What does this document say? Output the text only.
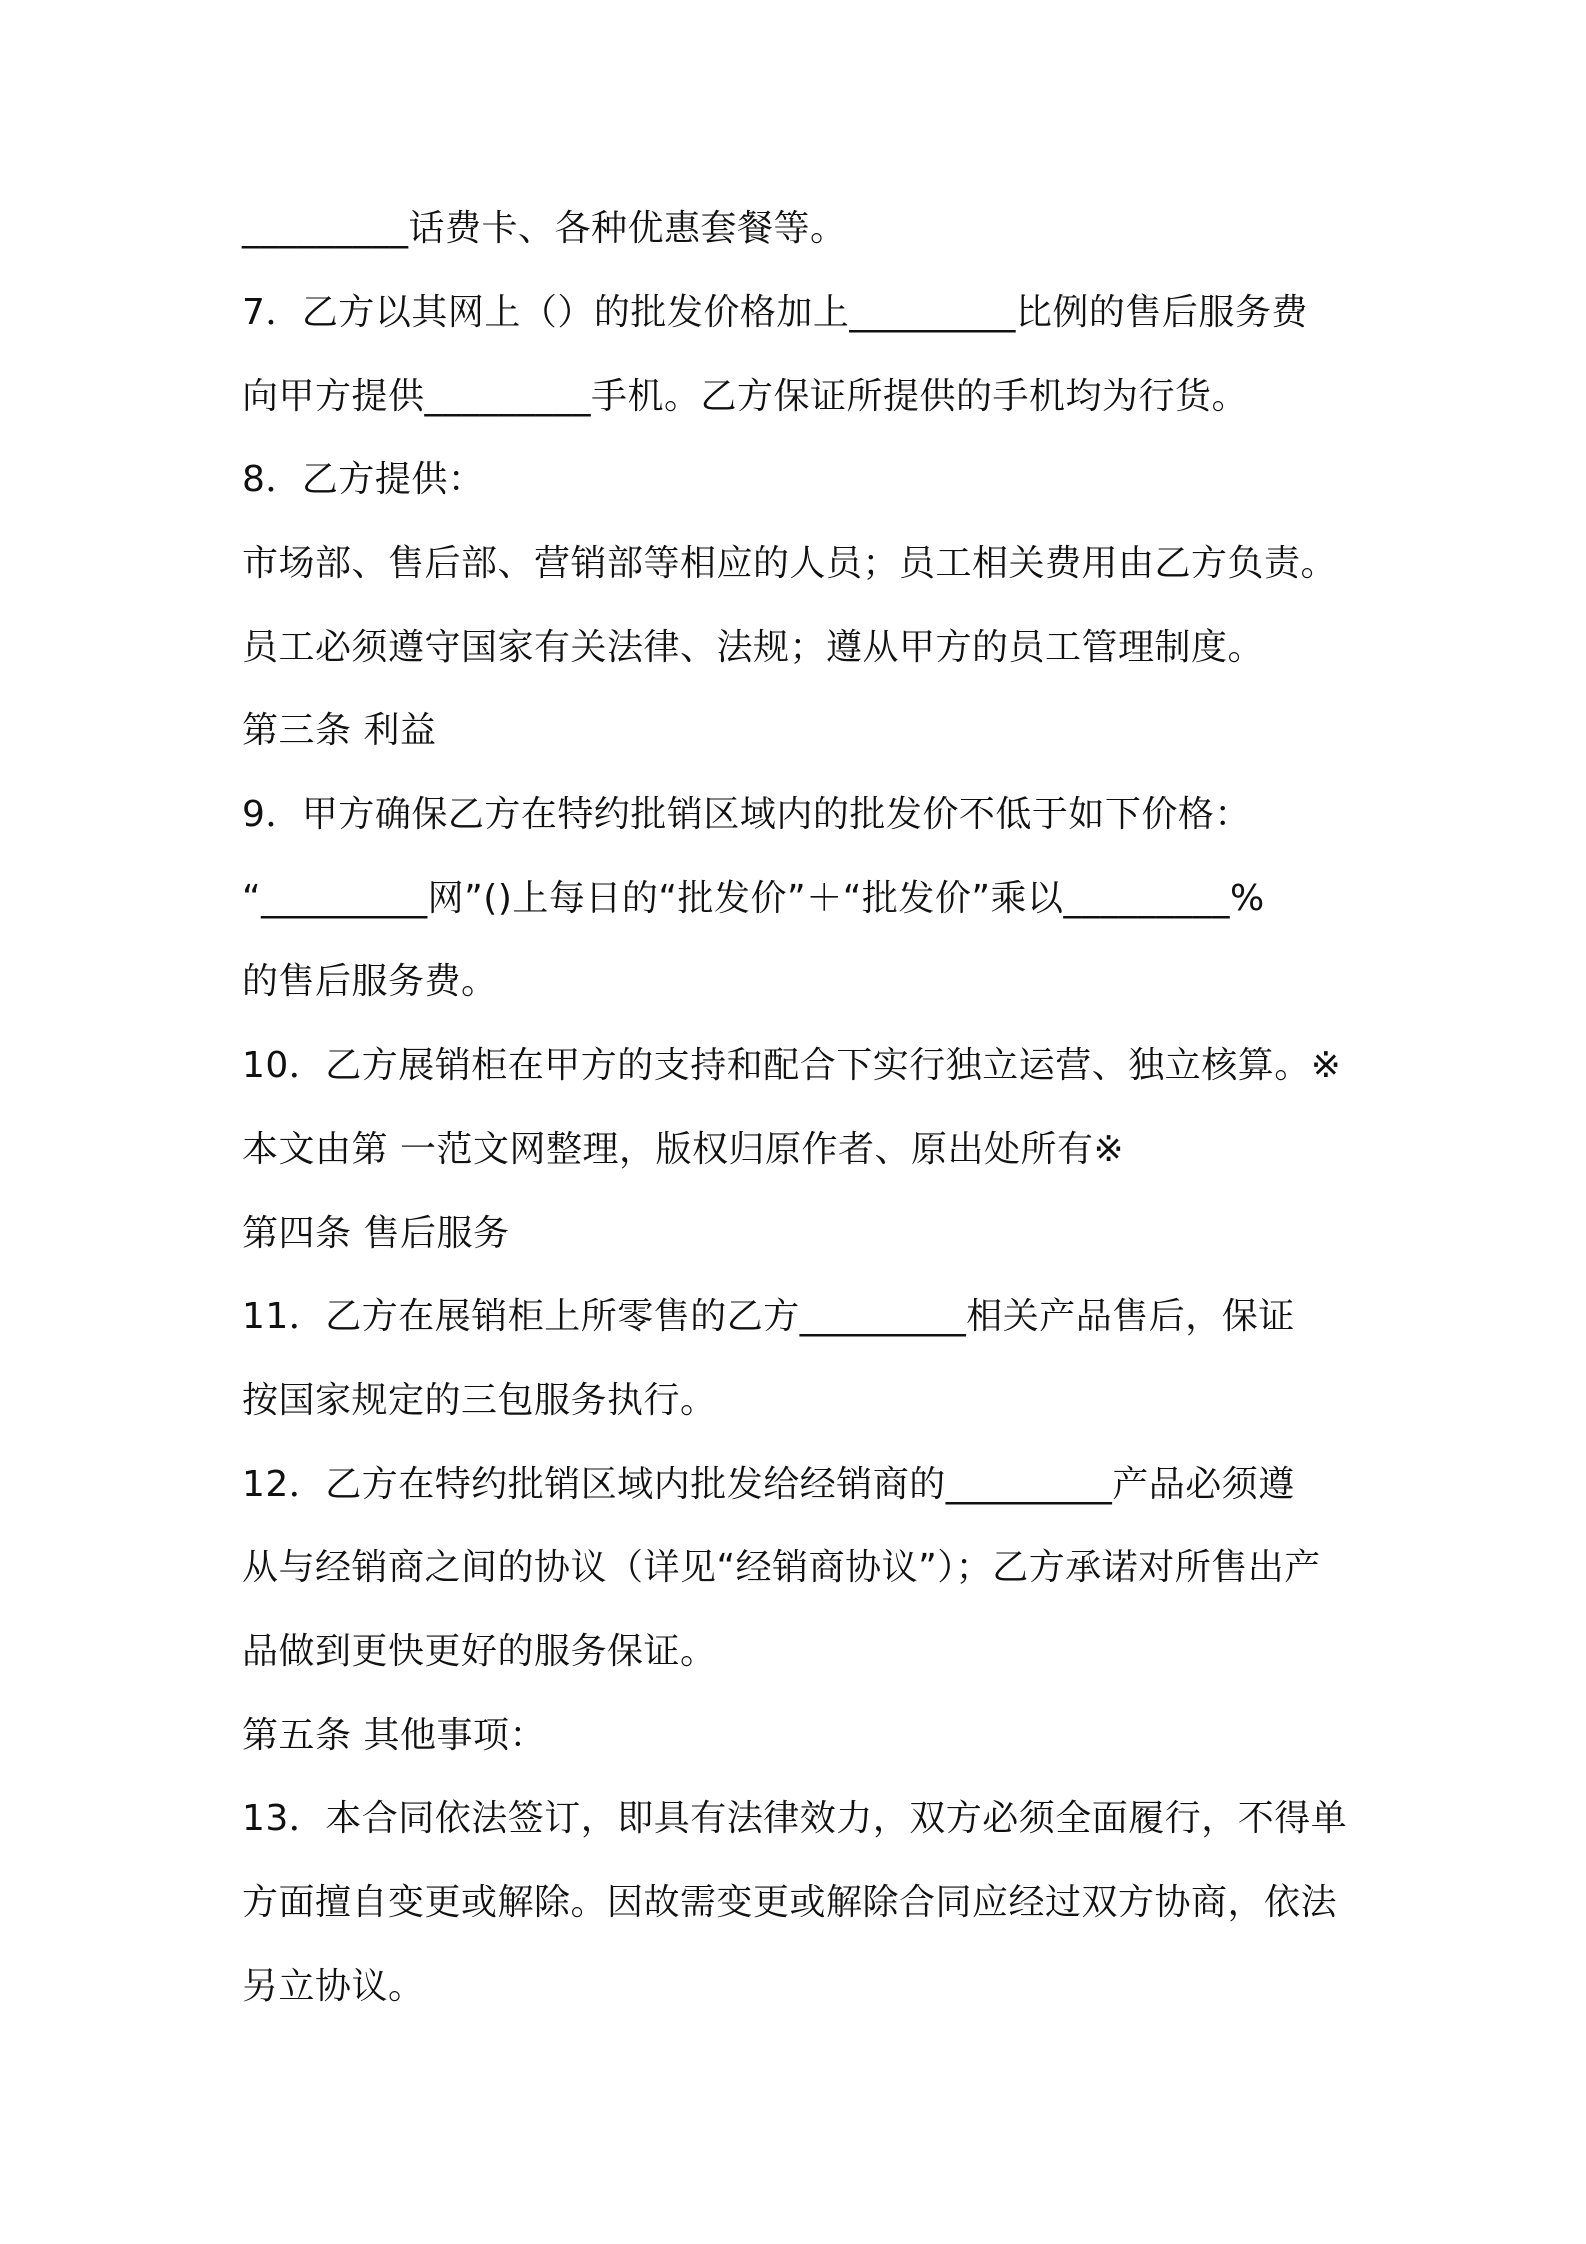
_________话费卡、各种优惠套餐等。
7．乙方以其网上（）的批发价格加上_________比例的售后服务费
向甲方提供_________手机。乙方保证所提供的手机均为行货。
8．乙方提供：
市场部、售后部、营销部等相应的人员；员工相关费用由乙方负责。
员工必须遵守国家有关法律、法规；遵从甲方的员工管理制度。
第三条 利益
9．甲方确保乙方在特约批销区域内的批发价不低于如下价格：
“_________网”()上每日的“批发价”＋“批发价”乘以_________%
的售后服务费。
10．乙方展销柜在甲方的支持和配合下实行独立运营、独立核算。※
本文由第 一范文网整理，版权归原作者、原出处所有※
第四条 售后服务
11．乙方在展销柜上所零售的乙方_________相关产品售后，保证
按国家规定的三包服务执行。
12．乙方在特约批销区域内批发给经销商的_________产品必须遵
从与经销商之间的协议（详见“经销商协议”）；乙方承诺对所售出产
品做到更快更好的服务保证。
第五条 其他事项：
13．本合同依法签订，即具有法律效力，双方必须全面履行，不得单
方面擅自变更或解除。因故需变更或解除合同应经过双方协商，依法
另立协议。
